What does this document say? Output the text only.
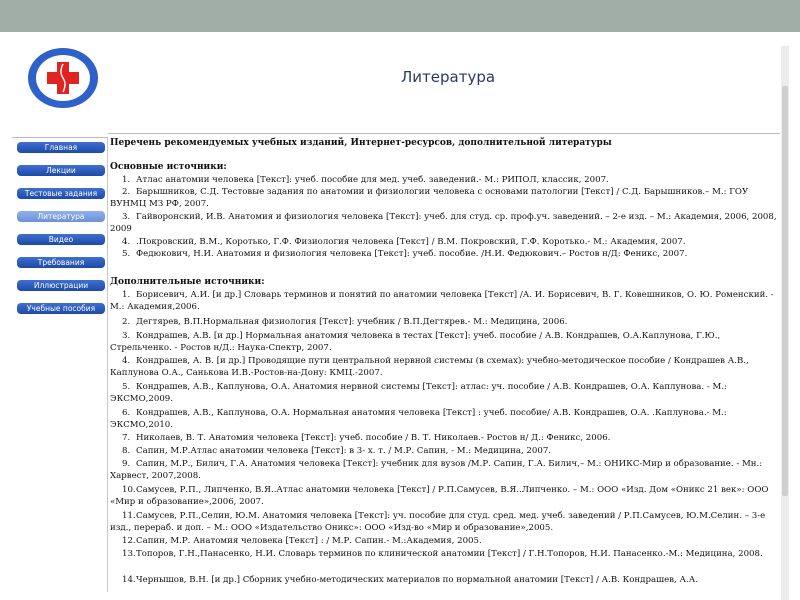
Литература
Главная
Лекции
Тестовые задания
Литература
Видео
Требования
Иллюстрации
Учебные пособия
Перечень рекомендуемых учебных изданий, Интернет-ресурсов, дополнительной литературы
Основные источники:
1. Атлас анатомии человека [Текст]: учеб. пособие для мед. учеб. заведений.- М.: РИПОЛ, классик, 2007.
2. Барышников, С.Д. Тестовые задания по анатомии и физиологии человека с основами патологии [Текст] / С.Д. Барышников.– М.: ГОУ ВУНМЦ МЗ РФ, 2007.
3. Гайворонский, И.В. Анатомия и физиология человека [Текст]: учеб. для студ. ср. проф.уч. заведений. – 2-е изд. – М.: Академия, 2006, 2008, 2009
4. .Покровский, В.М., Коротько, Г.Ф. Физиология человека [Текст] / В.М. Покровский, Г.Ф. Коротько.- М.: Академия, 2007.
5. Федюкович, Н.И. Анатомия и физиология человека [Текст]: учеб. пособие. /Н.И. Федюкович.– Ростов н/Д: Феникс, 2007.
Дополнительные источники:
1. Борисевич, А.И. [и др.] Словарь терминов и понятий по анатомии человека [Текст] /А. И. Борисевич, В. Г. Ковешников, О. Ю. Роменский. - М.: Академия,2006.
2. Дегтярев, В.П.Нормальная физиология [Текст]: учебник / В.П.Дегтярев.- М.: Медицина, 2006.
3. Кондрашев, А.В. [и др.] Нормальная анатомия человека в тестах [Текст]: учеб. пособие / А.В. Кондрашев, О.А.Каплунова, Г.Ю., Стрельченко. - Ростов н/Д.: Наука-Спектр, 2007.
4. Кондрашев, А. В. [и др.] Проводящие пути центральной нервной системы (в схемах): учебно-методическое пособие / Кондрашев А.В., Каплунова О.А., Санькова И.В.-Ростов-на-Дону: КМЦ.-2007.
5. Кондрашев, А.В., Каплунова, О.А. Анатомия нервной системы [Текст]: атлас: уч. пособие / А.В. Кондрашев, О.А. Каплунова. - М.: ЭКСМО,2009.
6. Кондрашев, А.В., Каплунова, О.А. Нормальная анатомия человека [Текст] : учеб. пособие/ А.В. Кондрашев, О.А. .Каплунова.- М.: ЭКСМО,2010.
7. Николаев, В. Т. Анатомия человека [Текст]: учеб. пособие / В. Т. Николаев.- Ростов н/ Д.: Феникс, 2006.
8. Сапин, М.Р.Атлас анатомии человека [Текст]: в 3- х. т. / М.Р. Сапин, - М.: Медицина, 2007.
9. Сапин, М.Р., Билич, Г.А. Анатомия человека [Текст]: учебник для вузов /М.Р. Сапин, Г.А. Билич,– М.: ОНИКС-Мир и образование. - Мн.: Харвест, 2007,2008.
10.Самусев, Р.П., Липченко, В.Я..Атлас анатомии человека [Текст] / Р.П.Самусев, В.Я..Липченко. – М.: ООО «Изд. Дом «Оникс 21 век»: ООО «Мир и образование»,2006, 2007.
11.Самусев, Р.П.,Селин, Ю.М. Анатомия человека [Текст]: уч. пособие для студ. сред. мед. учеб. заведений / Р.П.Самусев, Ю.М.Селин. – 3-е изд., перераб. и доп. – М.: ООО «Издательство Оникс»: ООО «Изд-во «Мир и образование»,2005.
12.Сапин, М.Р. Анатомия человека [Текст] : / М.Р. Сапин.- М.:Академия, 2005.
13.Топоров, Г.Н.,Панасенко, Н.И. Словарь терминов по клинической анатомии [Текст] / Г.Н.Топоров, Н.И. Панасенко.-М.: Медицина, 2008.
14.Чернышов, В.Н. [и др.] Сборник учебно-методических материалов по нормальной анатомии [Текст] / А.В. Кондрашев, А.А.
